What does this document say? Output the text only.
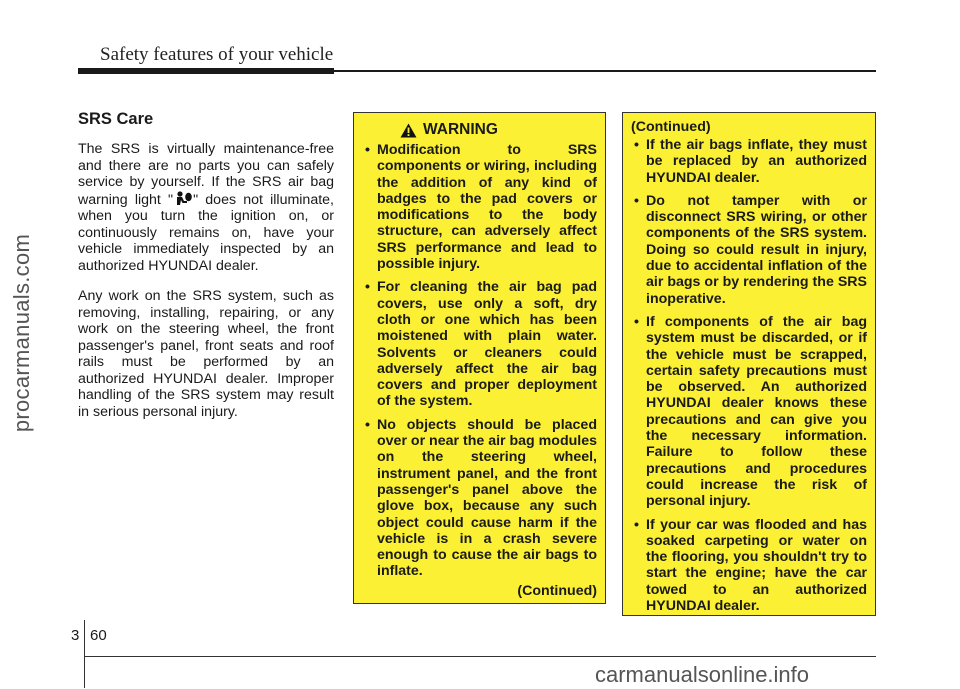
Safety features of your vehicle
procarmanuals.com
SRS Care

The SRS is virtually maintenance-free and there are no parts you can safely service by yourself. If the SRS air bag warning light " " does not illuminate, when you turn the ignition on, or continuously remains on, have your vehicle immediately inspected by an authorized HYUNDAI dealer.

Any work on the SRS system, such as removing, installing, repairing, or any work on the steering wheel, the front passenger's panel, front seats and roof rails must be performed by an authorized HYUNDAI dealer. Improper handling of the SRS system may result in serious personal injury.

WARNING
• Modification to SRS components or wiring, including the addition of any kind of badges to the pad covers or modifications to the body structure, can adversely affect SRS performance and lead to possible injury.
• For cleaning the air bag pad covers, use only a soft, dry cloth or one which has been moistened with plain water. Solvents or cleaners could adversely affect the air bag covers and proper deployment of the system.
• No objects should be placed over or near the air bag modules on the steering wheel, instrument panel, and the front passenger's panel above the glove box, because any such object could cause harm if the vehicle is in a crash severe enough to cause the air bags to inflate.
(Continued)
(Continued)
• If the air bags inflate, they must be replaced by an authorized HYUNDAI dealer.
• Do not tamper with or disconnect SRS wiring, or other components of the SRS system. Doing so could result in injury, due to accidental inflation of the air bags or by rendering the SRS inoperative.
• If components of the air bag system must be discarded, or if the vehicle must be scrapped, certain safety precautions must be observed. An authorized HYUNDAI dealer knows these precautions and can give you the necessary information. Failure to follow these precautions and procedures could increase the risk of personal injury.
• If your car was flooded and has soaked carpeting or water on the flooring, you shouldn't try to start the engine; have the car towed to an authorized HYUNDAI dealer.
3 60
carmanualsonline.info
